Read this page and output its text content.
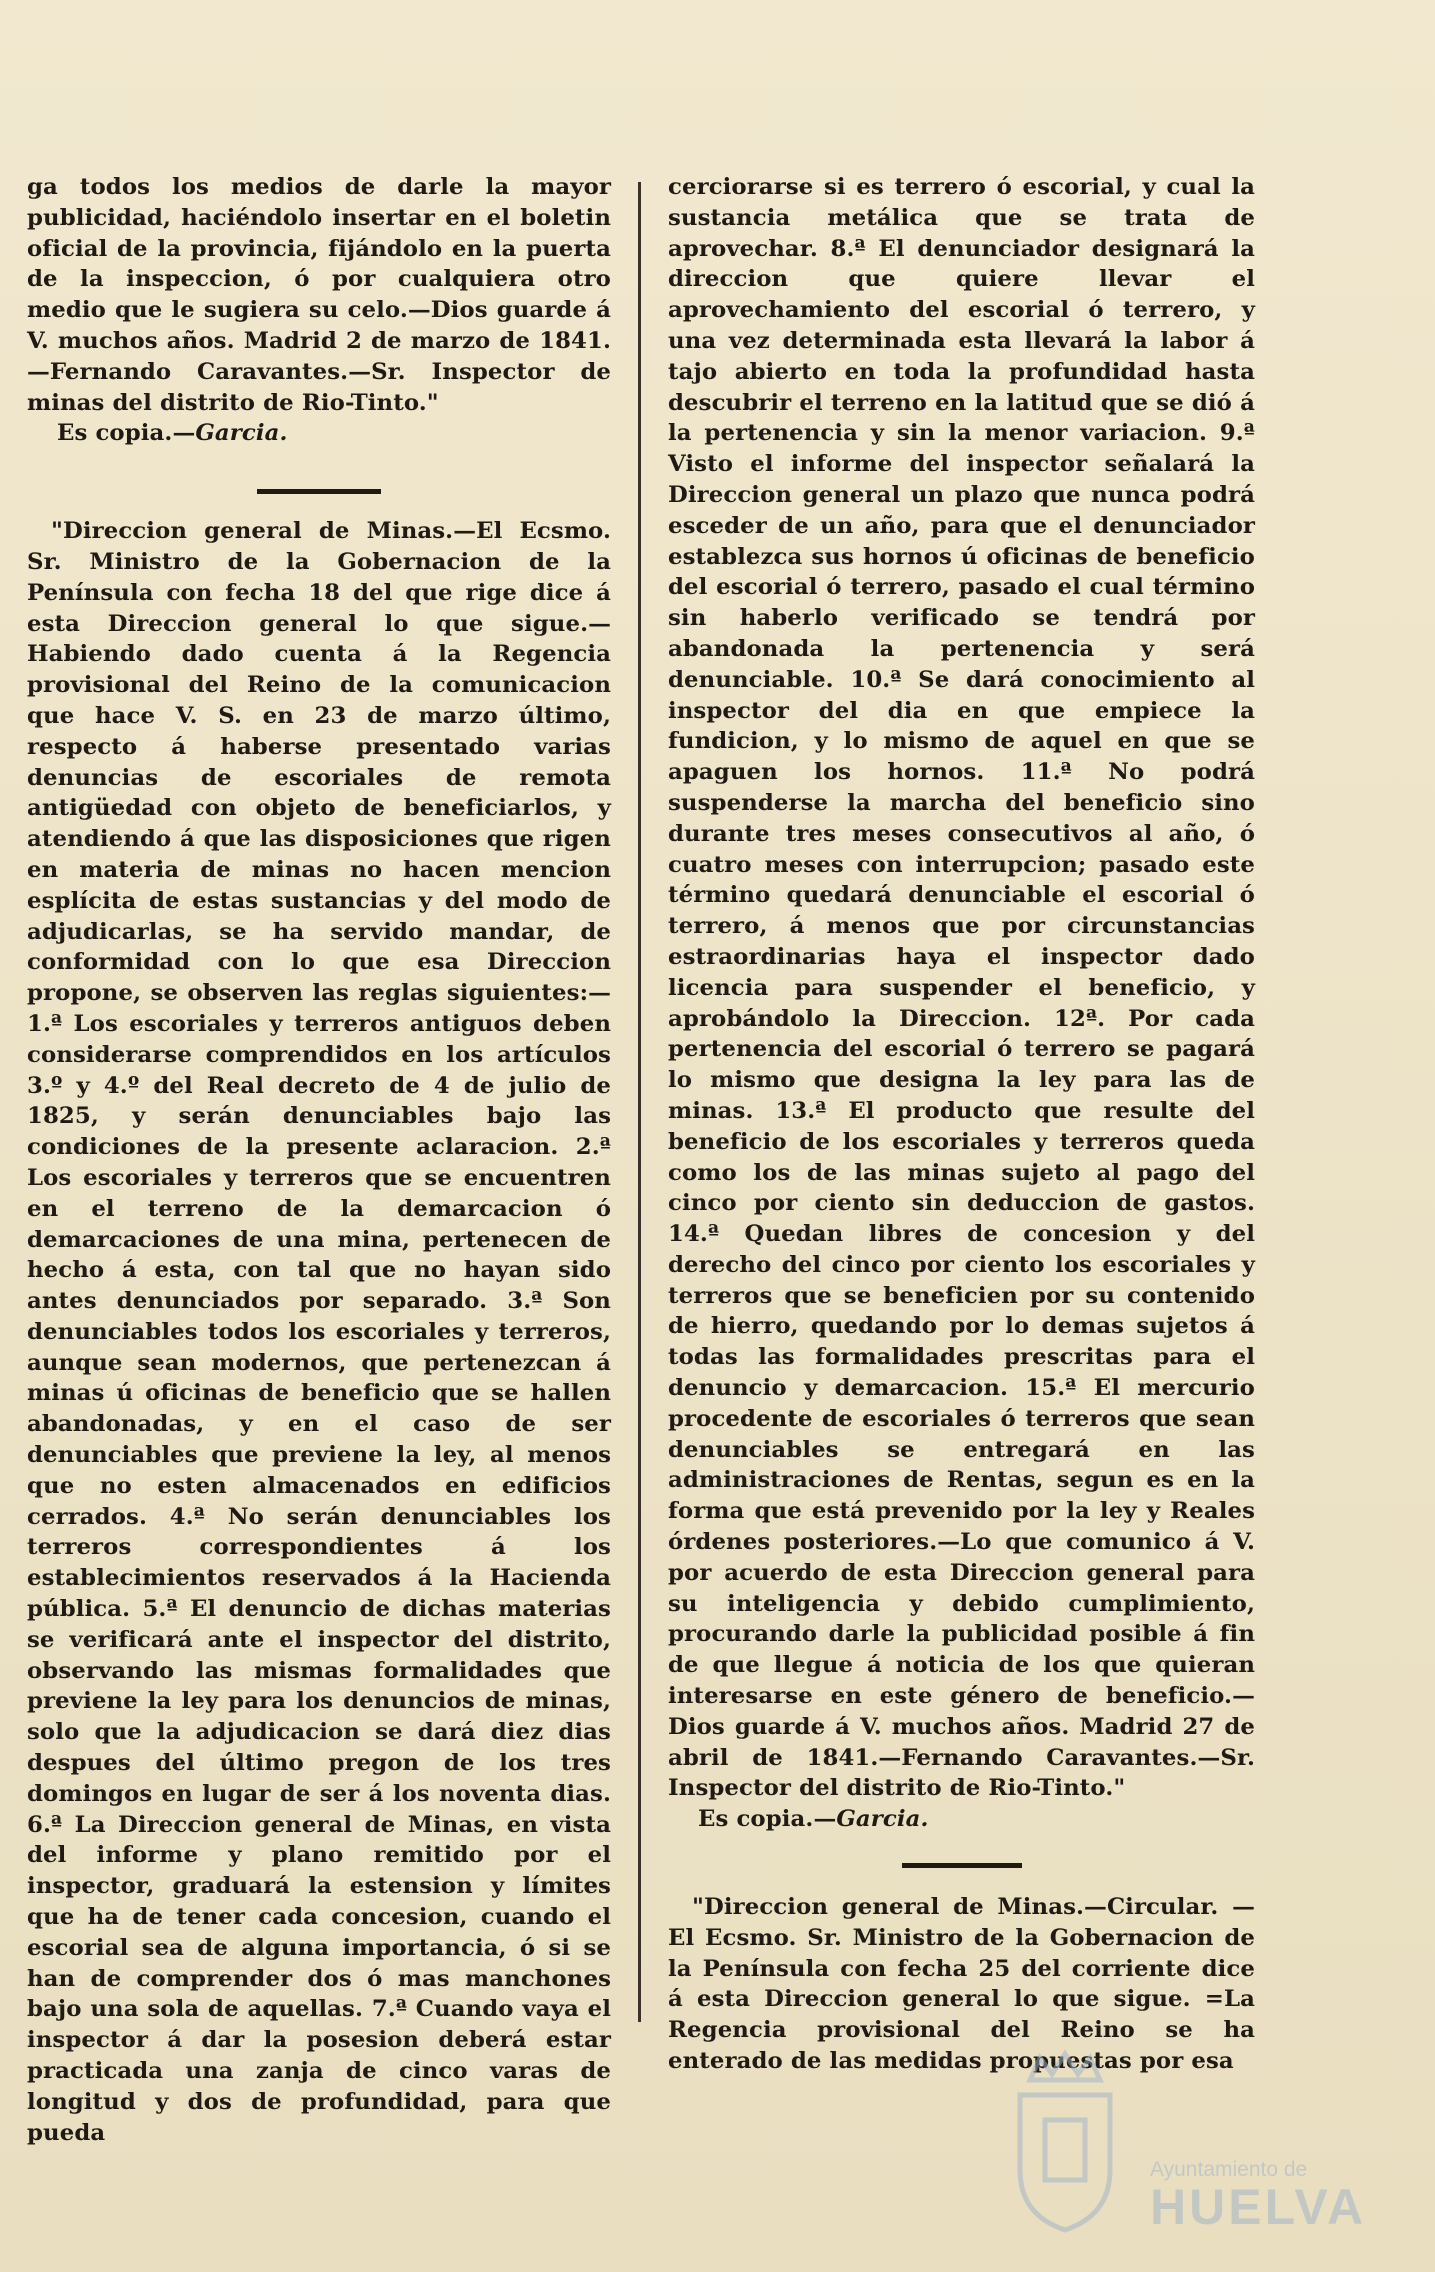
ga todos los medios de darle la mayor publicidad, haciéndolo insertar en el boletin oficial de la provincia, fijándolo en la puerta de la inspeccion, ó por cualquiera otro medio que le sugiera su celo.—Dios guarde á V. muchos años. Madrid 2 de marzo de 1841. —Fernando Caravantes.—Sr. Inspector de minas del distrito de Rio-Tinto."

Es copia.—Garcia.

"Direccion general de Minas.—El Ecsmo. Sr. Ministro de la Gobernacion de la Península con fecha 18 del que rige dice á esta Direccion general lo que sigue.—Habiendo dado cuenta á la Regencia provisional del Reino de la comunicacion que hace V. S. en 23 de marzo último, respecto á haberse presentado varias denuncias de escoriales de remota antigüedad con objeto de beneficiarlos, y atendiendo á que las disposiciones que rigen en materia de minas no hacen mencion esplícita de estas sustancias y del modo de adjudicarlas, se ha servido mandar, de conformidad con lo que esa Direccion propone, se observen las reglas siguientes:—1.ª Los escoriales y terreros antiguos deben considerarse comprendidos en los artículos 3.º y 4.º del Real decreto de 4 de julio de 1825, y serán denunciables bajo las condiciones de la presente aclaracion. 2.ª Los escoriales y terreros que se encuentren en el terreno de la demarcacion ó demarcaciones de una mina, pertenecen de hecho á esta, con tal que no hayan sido antes denunciados por separado. 3.ª Son denunciables todos los escoriales y terreros, aunque sean modernos, que pertenezcan á minas ú oficinas de beneficio que se hallen abandonadas, y en el caso de ser denunciables que previene la ley, al menos que no esten almacenados en edificios cerrados. 4.ª No serán denunciables los terreros correspondientes á los establecimientos reservados á la Hacienda pública. 5.ª El denuncio de dichas materias se verificará ante el inspector del distrito, observando las mismas formalidades que previene la ley para los denuncios de minas, solo que la adjudicacion se dará diez dias despues del último pregon de los tres domingos en lugar de ser á los noventa dias. 6.ª La Direccion general de Minas, en vista del informe y plano remitido por el inspector, graduará la estension y límites que ha de tener cada concesion, cuando el escorial sea de alguna importancia, ó si se han de comprender dos ó mas manchones bajo una sola de aquellas. 7.ª Cuando vaya el inspector á dar la posesion deberá estar practicada una zanja de cinco varas de longitud y dos de profundidad, para que pueda

cerciorarse si es terrero ó escorial, y cual la sustancia metálica que se trata de aprovechar. 8.ª El denunciador designará la direccion que quiere llevar el aprovechamiento del escorial ó terrero, y una vez determinada esta llevará la labor á tajo abierto en toda la profundidad hasta descubrir el terreno en la latitud que se dió á la pertenencia y sin la menor variacion. 9.ª Visto el informe del inspector señalará la Direccion general un plazo que nunca podrá esceder de un año, para que el denunciador establezca sus hornos ú oficinas de beneficio del escorial ó terrero, pasado el cual término sin haberlo verificado se tendrá por abandonada la pertenencia y será denunciable. 10.ª Se dará conocimiento al inspector del dia en que empiece la fundicion, y lo mismo de aquel en que se apaguen los hornos. 11.ª No podrá suspenderse la marcha del beneficio sino durante tres meses consecutivos al año, ó cuatro meses con interrupcion; pasado este término quedará denunciable el escorial ó terrero, á menos que por circunstancias estraordinarias haya el inspector dado licencia para suspender el beneficio, y aprobándolo la Direccion. 12ª. Por cada pertenencia del escorial ó terrero se pagará lo mismo que designa la ley para las de minas. 13.ª El producto que resulte del beneficio de los escoriales y terreros queda como los de las minas sujeto al pago del cinco por ciento sin deduccion de gastos. 14.ª Quedan libres de concesion y del derecho del cinco por ciento los escoriales y terreros que se beneficien por su contenido de hierro, quedando por lo demas sujetos á todas las formalidades prescritas para el denuncio y demarcacion. 15.ª El mercurio procedente de escoriales ó terreros que sean denunciables se entregará en las administraciones de Rentas, segun es en la forma que está prevenido por la ley y Reales órdenes posteriores.—Lo que comunico á V. por acuerdo de esta Direccion general para su inteligencia y debido cumplimiento, procurando darle la publicidad posible á fin de que llegue á noticia de los que quieran interesarse en este género de beneficio.—Dios guarde á V. muchos años. Madrid 27 de abril de 1841.—Fernando Caravantes.—Sr. Inspector del distrito de Rio-Tinto."

Es copia.—Garcia.

"Direccion general de Minas.—Circular. —El Ecsmo. Sr. Ministro de la Gobernacion de la Península con fecha 25 del corriente dice á esta Direccion general lo que sigue. =La Regencia provisional del Reino se ha enterado de las medidas propuestas por esa

Ayuntamiento de
HUELVA
